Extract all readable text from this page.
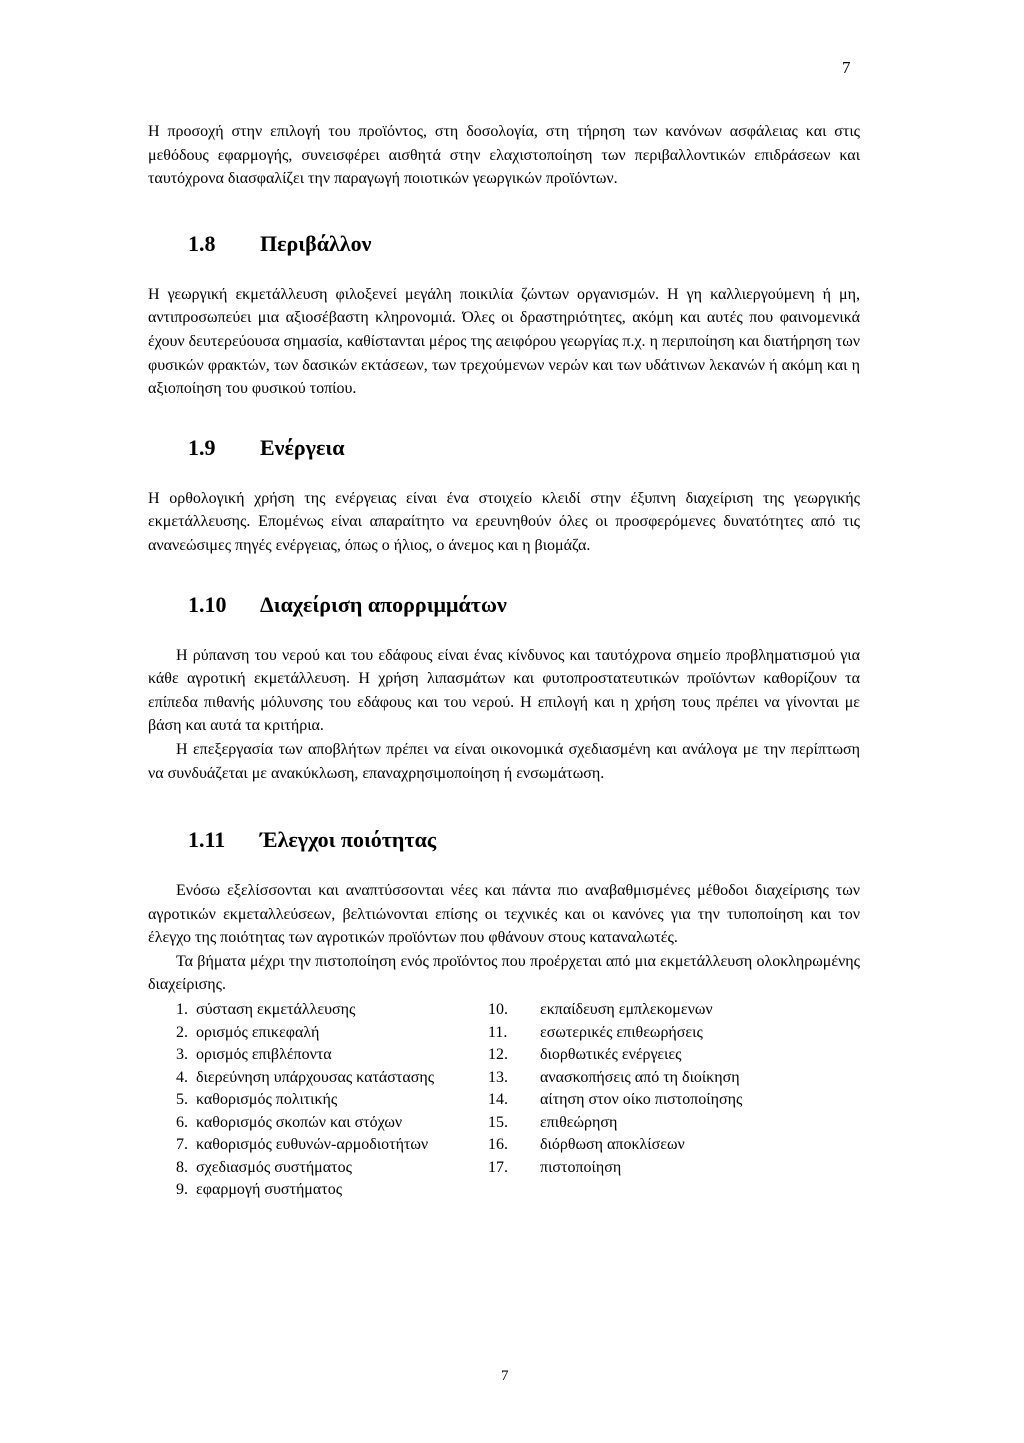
7

Η προσοχή στην επιλογή του προϊόντος, στη δοσολογία, στη τήρηση των κανόνων ασφάλειας και στις μεθόδους εφαρμογής, συνεισφέρει αισθητά στην ελαχιστοποίηση των περιβαλλοντικών επιδράσεων και ταυτόχρονα διασφαλίζει την παραγωγή ποιοτικών γεωργικών προϊόντων.

1.8	Περιβάλλον

Η γεωργική εκμετάλλευση φιλοξενεί μεγάλη ποικιλία ζώντων οργανισμών. Η γη καλλιεργούμενη ή μη, αντιπροσωπεύει μια αξιοσέβαστη κληρονομιά. Όλες οι δραστηριότητες, ακόμη και αυτές που φαινομενικά έχουν δευτερεύουσα σημασία, καθίστανται μέρος της αειφόρου γεωργίας π.χ. η περιποίηση και διατήρηση των φυσικών φρακτών, των δασικών εκτάσεων, των τρεχούμενων νερών και των υδάτινων λεκανών ή ακόμη και η αξιοποίηση του φυσικού τοπίου.

1.9	Ενέργεια

Η ορθολογική χρήση της ενέργειας είναι ένα στοιχείο κλειδί στην έξυπνη διαχείριση της γεωργικής εκμετάλλευσης. Επομένως είναι απαραίτητο να ερευνηθούν όλες οι προσφερόμενες δυνατότητες από τις ανανεώσιμες πηγές ενέργειας, όπως ο ήλιος, ο άνεμος και η βιομάζα.

1.10	Διαχείριση απορριμμάτων

Η ρύπανση του νερού και του εδάφους είναι ένας κίνδυνος και ταυτόχρονα σημείο προβληματισμού για κάθε αγροτική εκμετάλλευση. Η χρήση λιπασμάτων και φυτοπροστατευτικών προϊόντων καθορίζουν τα επίπεδα πιθανής μόλυνσης του εδάφους και του νερού. Η επιλογή και η χρήση τους πρέπει να γίνονται με βάση και αυτά τα κριτήρια.

Η επεξεργασία των αποβλήτων πρέπει να είναι οικονομικά σχεδιασμένη και ανάλογα με την περίπτωση να συνδυάζεται με ανακύκλωση, επαναχρησιμοποίηση ή ενσωμάτωση.

1.11	Έλεγχοι ποιότητας

Ενόσω εξελίσσονται και αναπτύσσονται νέες και πάντα πιο αναβαθμισμένες μέθοδοι διαχείρισης των αγροτικών εκμεταλλεύσεων, βελτιώνονται επίσης οι τεχνικές και οι κανόνες για την τυποποίηση και τον έλεγχο της ποιότητας των αγροτικών προϊόντων που φθάνουν στους καταναλωτές.

Τα βήματα μέχρι την πιστοποίηση ενός προϊόντος που προέρχεται από μια εκμετάλλευση ολοκληρωμένης διαχείρισης.

1. σύσταση εκμετάλλευσης
2. ορισμός επικεφαλή
3. ορισμός επιβλέποντα
4. διερεύνηση υπάρχουσας κατάστασης
5. καθορισμός πολιτικής
6. καθορισμός σκοπών και στόχων
7. καθορισμός ευθυνών-αρμοδιοτήτων
8. σχεδιασμός συστήματος
9. εφαρμογή συστήματος
10.	εκπαίδευση εμπλεκομενων
11.	εσωτερικές επιθεωρήσεις
12.	διορθωτικές ενέργειες
13.	ανασκοπήσεις από τη διοίκηση
14.	αίτηση στον οίκο πιστοποίησης
15.	επιθεώρηση
16.	διόρθωση αποκλίσεων
17.	πιστοποίηση
7
